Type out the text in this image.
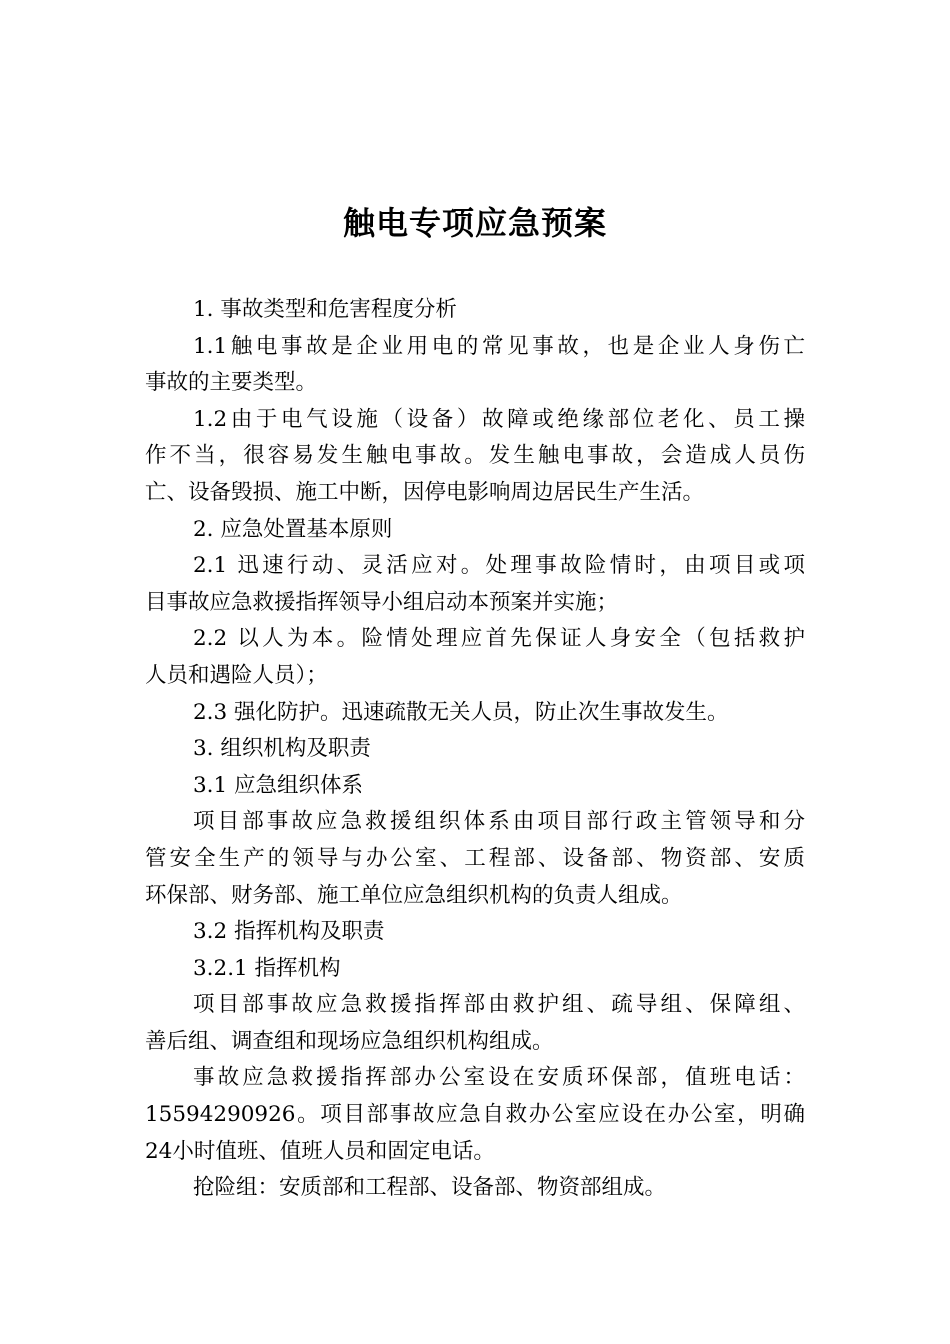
触电专项应急预案
1. 事故类型和危害程度分析
1.1触电事故是企业用电的常见事故，也是企业人身伤亡
事故的主要类型。
1.2由于电气设施（设备）故障或绝缘部位老化、员工操
作不当，很容易发生触电事故。发生触电事故，会造成人员伤
亡、设备毁损、施工中断，因停电影响周边居民生产生活。
2. 应急处置基本原则
2.1 迅速行动、灵活应对。处理事故险情时，由项目或项
目事故应急救援指挥领导小组启动本预案并实施；
2.2 以人为本。险情处理应首先保证人身安全（包括救护
人员和遇险人员）；
2.3 强化防护。迅速疏散无关人员，防止次生事故发生。
3. 组织机构及职责
3.1 应急组织体系
项目部事故应急救援组织体系由项目部行政主管领导和分
管安全生产的领导与办公室、工程部、设备部、物资部、安质
环保部、财务部、施工单位应急组织机构的负责人组成。
3.2 指挥机构及职责
3.2.1 指挥机构
项目部事故应急救援指挥部由救护组、疏导组、保障组、
善后组、调查组和现场应急组织机构组成。
事故应急救援指挥部办公室设在安质环保部，值班电话：
15594290926。项目部事故应急自救办公室应设在办公室，明确
24小时值班、值班人员和固定电话。
抢险组：安质部和工程部、设备部、物资部组成。
